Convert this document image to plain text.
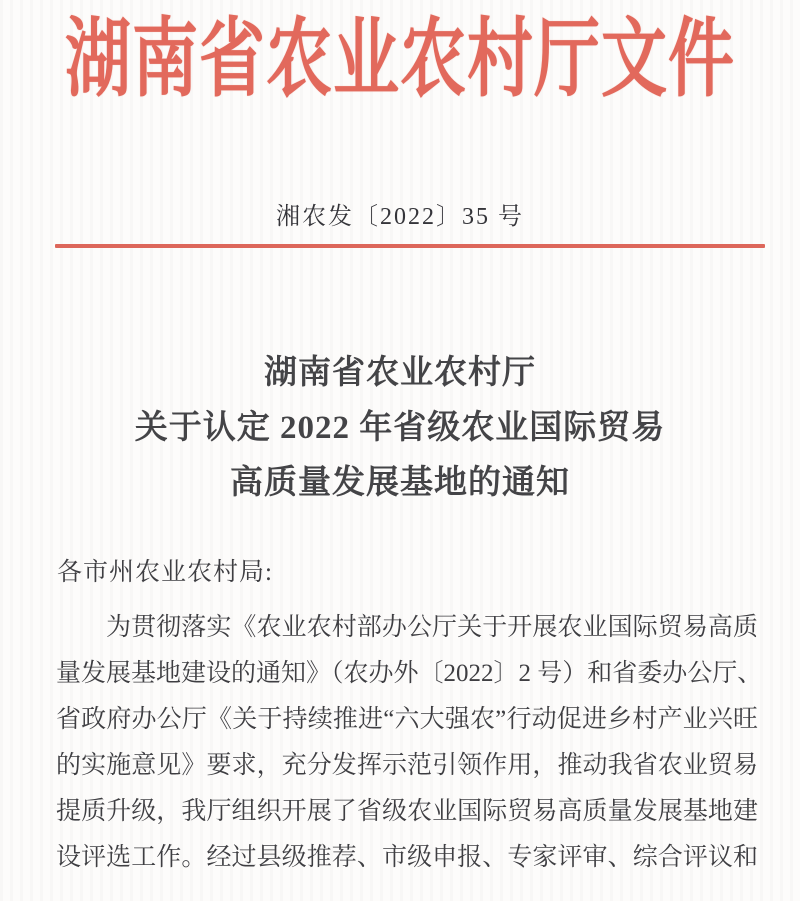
湖南省农业农村厅文件
湘农发〔2022〕35 号
湖南省农业农村厅
关于认定 2022 年省级农业国际贸易
高质量发展基地的通知
各市州农业农村局:
为贯彻落实《农业农村部办公厅关于开展农业国际贸易高质
量发展基地建设的通知》（农办外〔2022〕2 号）和省委办公厅、
省政府办公厅《关于持续推进“六大强农”行动促进乡村产业兴旺
的实施意见》要求，充分发挥示范引领作用，推动我省农业贸易
提质升级，我厅组织开展了省级农业国际贸易高质量发展基地建
设评选工作。经过县级推荐、市级申报、专家评审、综合评议和
